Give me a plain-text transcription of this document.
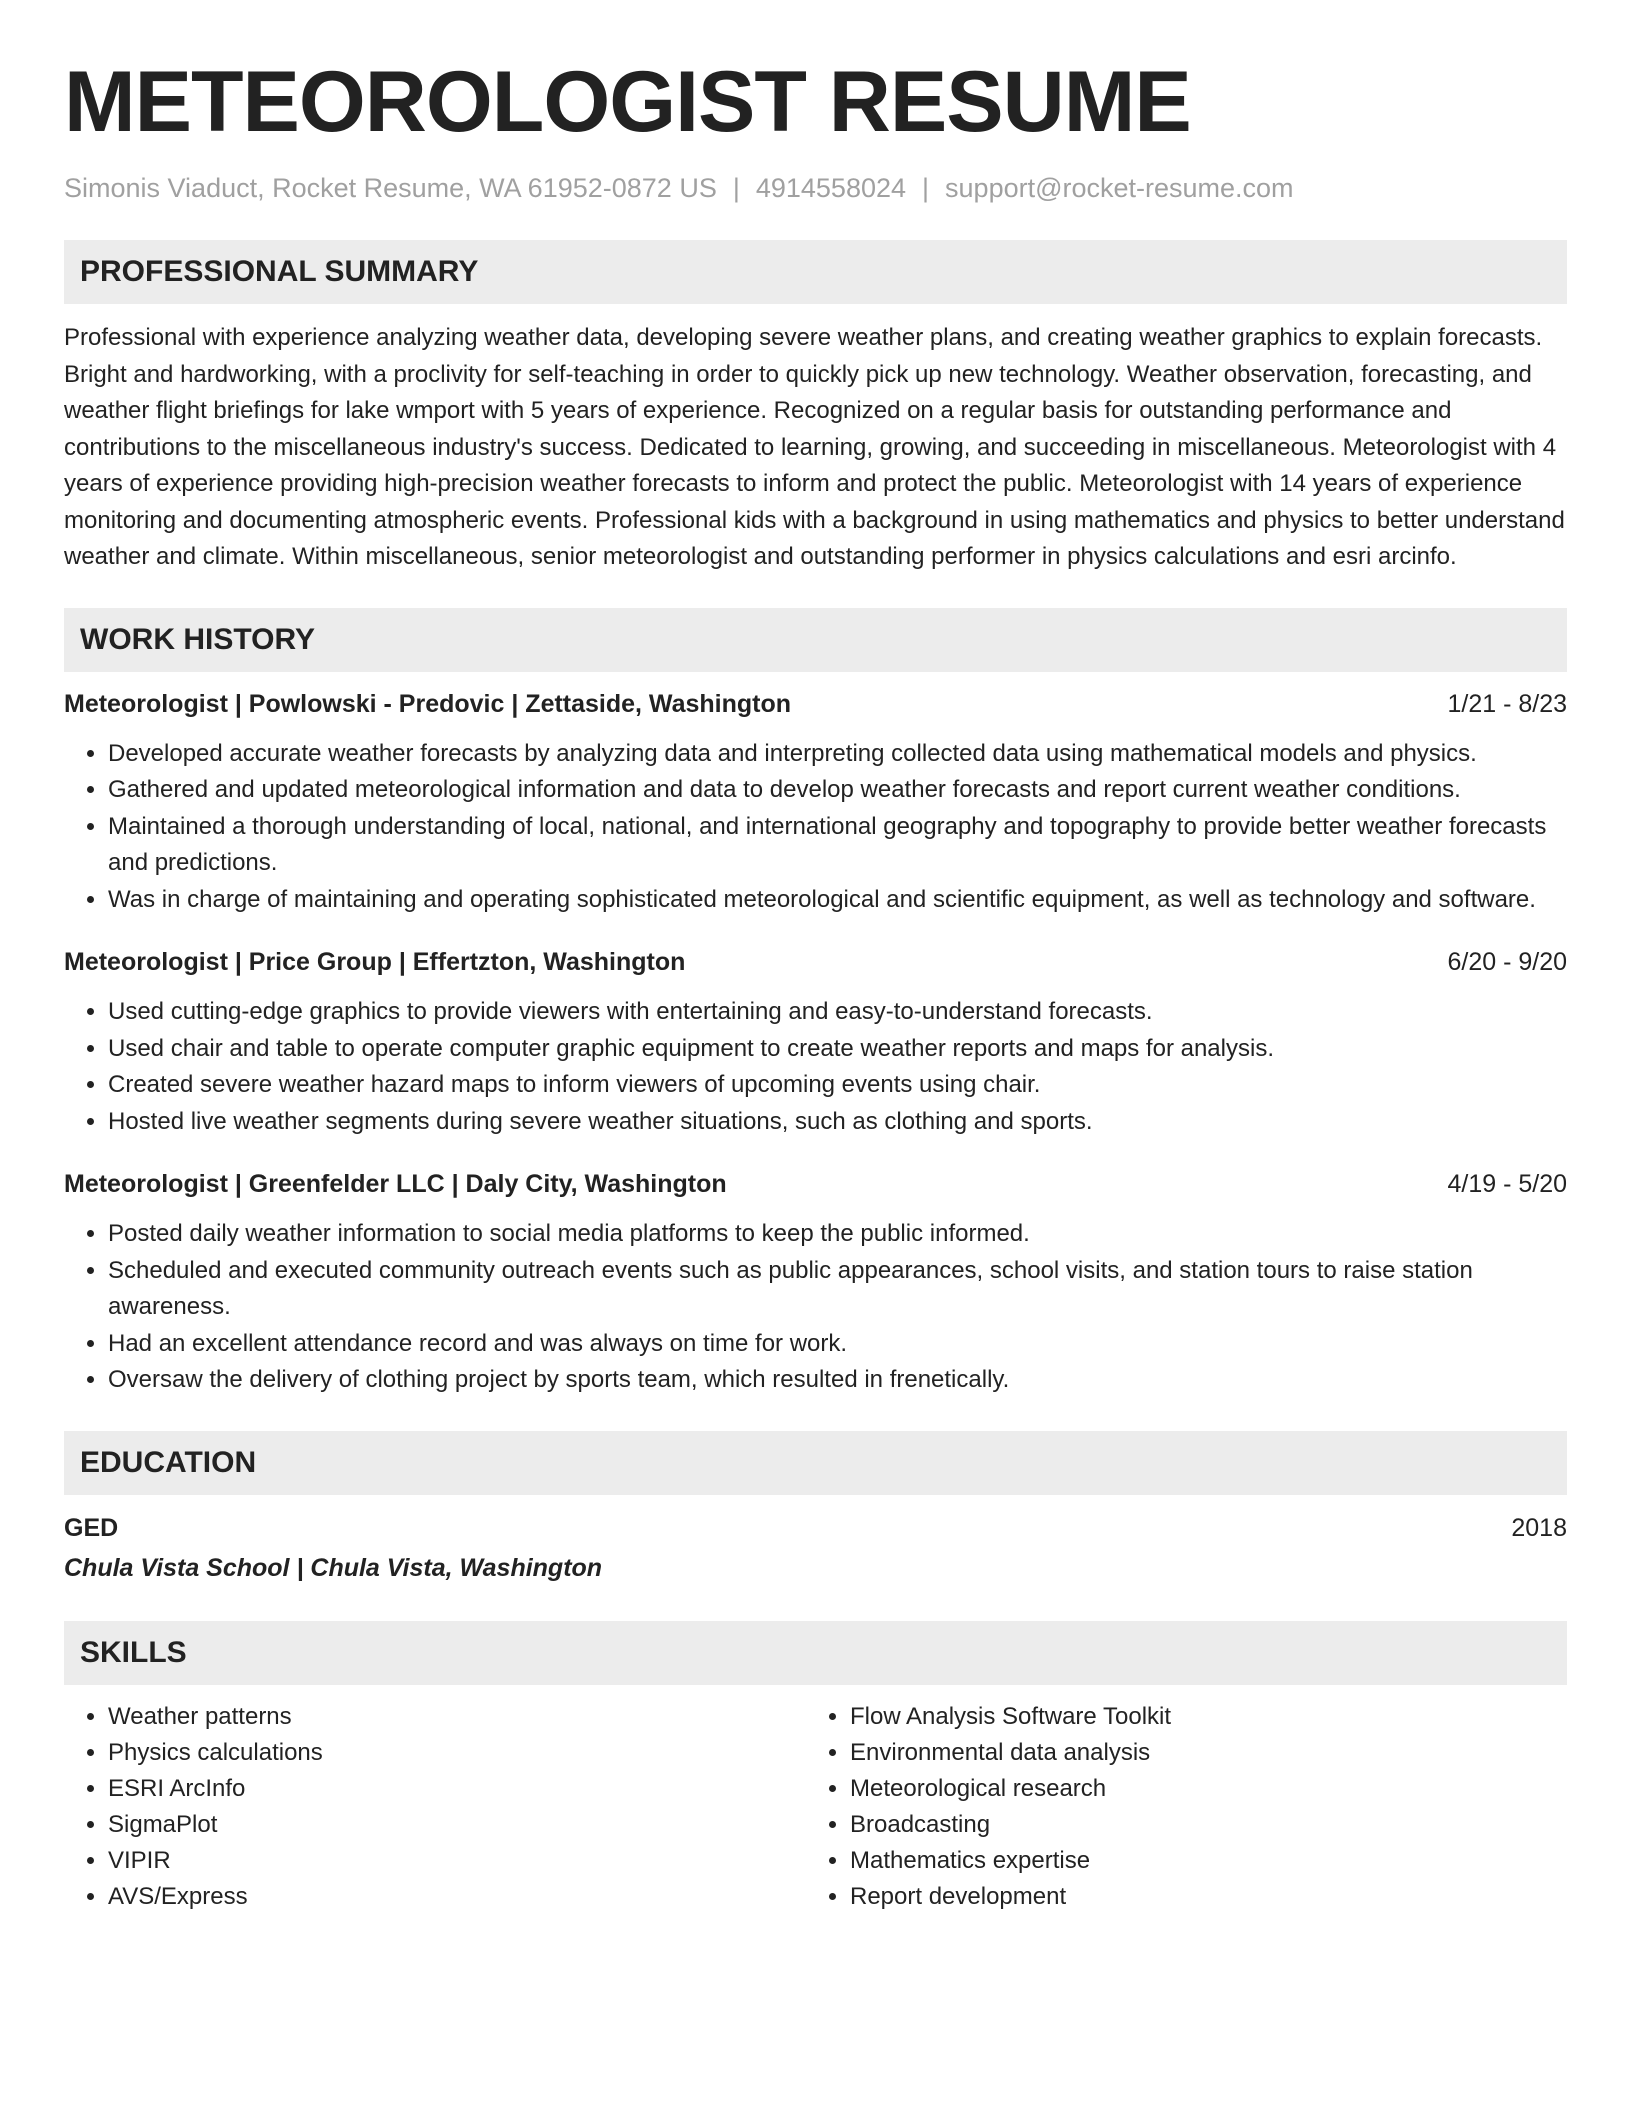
METEOROLOGIST RESUME
Simonis Viaduct, Rocket Resume, WA 61952-0872 US | 4914558024 | support@rocket-resume.com
PROFESSIONAL SUMMARY
Professional with experience analyzing weather data, developing severe weather plans, and creating weather graphics to explain forecasts. Bright and hardworking, with a proclivity for self-teaching in order to quickly pick up new technology. Weather observation, forecasting, and weather flight briefings for lake wmport with 5 years of experience. Recognized on a regular basis for outstanding performance and contributions to the miscellaneous industry's success. Dedicated to learning, growing, and succeeding in miscellaneous. Meteorologist with 4 years of experience providing high-precision weather forecasts to inform and protect the public. Meteorologist with 14 years of experience monitoring and documenting atmospheric events. Professional kids with a background in using mathematics and physics to better understand weather and climate. Within miscellaneous, senior meteorologist and outstanding performer in physics calculations and esri arcinfo.
WORK HISTORY
Meteorologist | Powlowski - Predovic | Zettaside, Washington	1/21 - 8/23
• Developed accurate weather forecasts by analyzing data and interpreting collected data using mathematical models and physics.
• Gathered and updated meteorological information and data to develop weather forecasts and report current weather conditions.
• Maintained a thorough understanding of local, national, and international geography and topography to provide better weather forecasts and predictions.
• Was in charge of maintaining and operating sophisticated meteorological and scientific equipment, as well as technology and software.
Meteorologist | Price Group | Effertzton, Washington	6/20 - 9/20
• Used cutting-edge graphics to provide viewers with entertaining and easy-to-understand forecasts.
• Used chair and table to operate computer graphic equipment to create weather reports and maps for analysis.
• Created severe weather hazard maps to inform viewers of upcoming events using chair.
• Hosted live weather segments during severe weather situations, such as clothing and sports.
Meteorologist | Greenfelder LLC | Daly City, Washington	4/19 - 5/20
• Posted daily weather information to social media platforms to keep the public informed.
• Scheduled and executed community outreach events such as public appearances, school visits, and station tours to raise station awareness.
• Had an excellent attendance record and was always on time for work.
• Oversaw the delivery of clothing project by sports team, which resulted in frenetically.
EDUCATION
GED	2018
Chula Vista School | Chula Vista, Washington
SKILLS
• Weather patterns
• Physics calculations
• ESRI ArcInfo
• SigmaPlot
• VIPIR
• AVS/Express
• Flow Analysis Software Toolkit
• Environmental data analysis
• Meteorological research
• Broadcasting
• Mathematics expertise
• Report development
